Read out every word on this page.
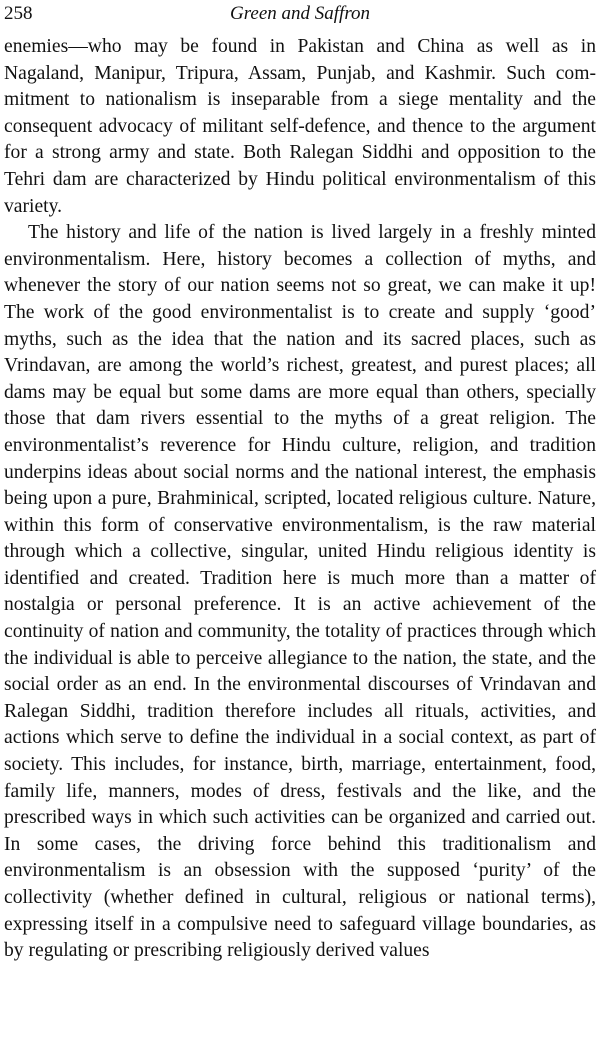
258	Green and Saffron

enemies—who may be found in Pakistan and China as well as in Nagaland, Manipur, Tripura, Assam, Punjab, and Kashmir. Such commitment to nationalism is inseparable from a siege mentality and the consequent advocacy of militant self-defence, and thence to the argument for a strong army and state. Both Ralegan Siddhi and opposition to the Tehri dam are characterized by Hindu political environmentalism of this variety.

The history and life of the nation is lived largely in a freshly minted environmentalism. Here, history becomes a collection of myths, and whenever the story of our nation seems not so great, we can make it up! The work of the good environmentalist is to create and supply ‘good’ myths, such as the idea that the nation and its sacred places, such as Vrindavan, are among the world’s richest, greatest, and purest places; all dams may be equal but some dams are more equal than others, specially those that dam rivers essential to the myths of a great religion. The environmentalist’s reverence for Hindu culture, religion, and tradition underpins ideas about social norms and the national interest, the emphasis being upon a pure, Brahminical, scripted, located religious culture. Nature, within this form of conservative environmentalism, is the raw material through which a collective, singular, united Hindu religious identity is identified and created. Tradition here is much more than a matter of nostalgia or personal preference. It is an active achievement of the continuity of nation and community, the totality of practices through which the individual is able to perceive allegiance to the nation, the state, and the social order as an end. In the environmental discourses of Vrindavan and Ralegan Siddhi, tradition therefore includes all rituals, activities, and actions which serve to define the individual in a social context, as part of society. This includes, for instance, birth, marriage, entertainment, food, family life, manners, modes of dress, festivals and the like, and the prescribed ways in which such activities can be organized and carried out. In some cases, the driving force behind this traditionalism and environmentalism is an obsession with the supposed ‘purity’ of the collectivity (whether defined in cultural, religious or national terms), expressing itself in a compulsive need to safeguard village boundaries, as by regulating or prescribing religiously derived values
